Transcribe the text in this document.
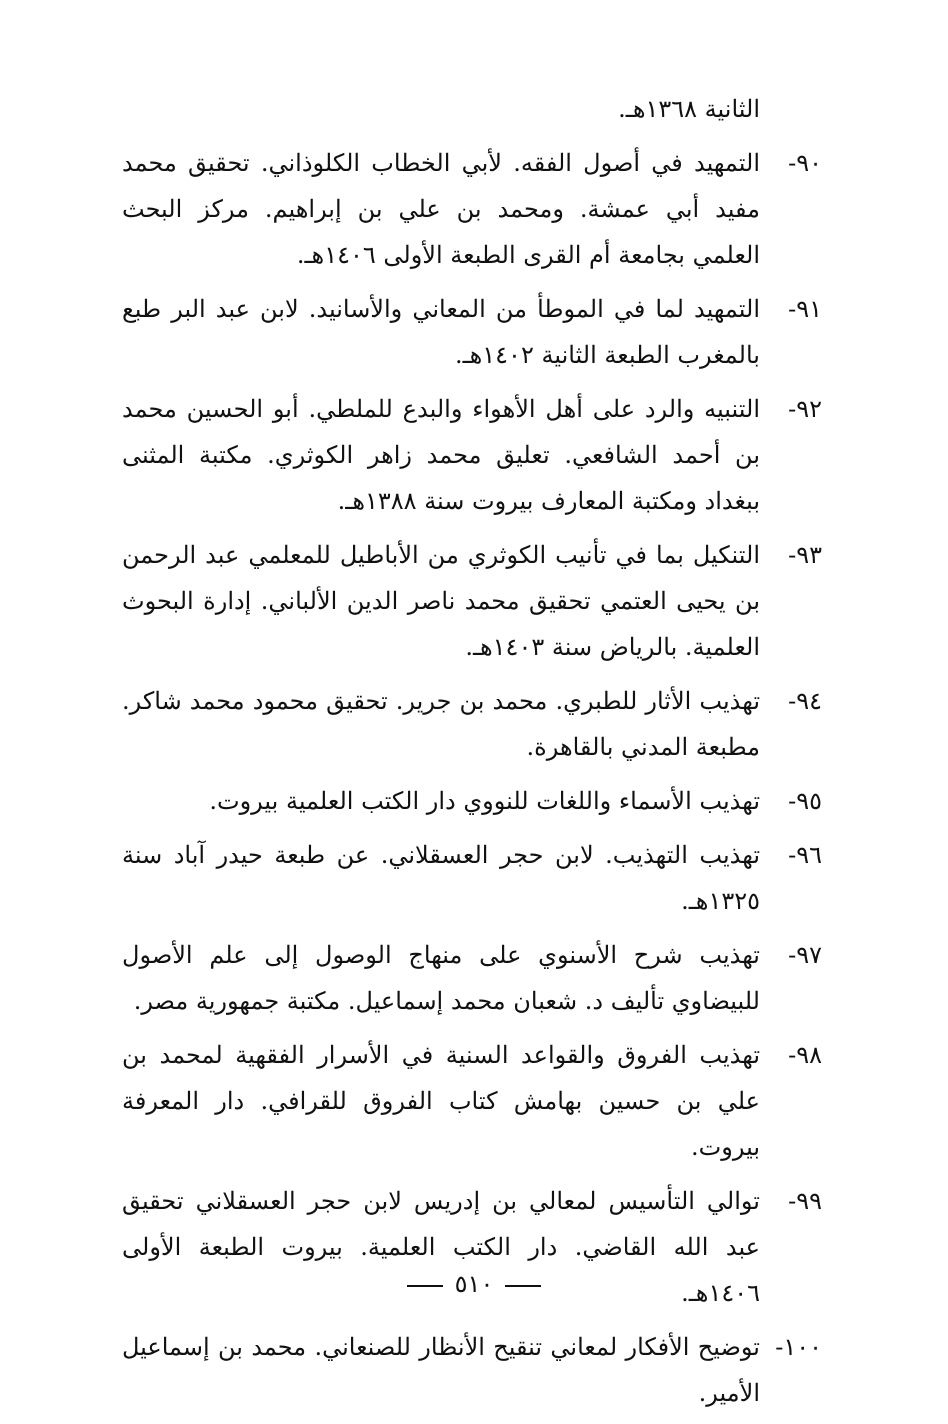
الثانية ١٣٦٨هـ.
٩٠-
التمهيد في أصول الفقه. لأبي الخطاب الكلوذاني. تحقيق محمد مفيد أبي عمشة. ومحمد بن علي بن إبراهيم. مركز البحث العلمي بجامعة أم القرى الطبعة الأولى ١٤٠٦هـ.
٩١-
التمهيد لما في الموطأ من المعاني والأسانيد. لابن عبد البر طبع بالمغرب الطبعة الثانية ١٤٠٢هـ.
٩٢-
التنبيه والرد على أهل الأهواء والبدع للملطي. أبو الحسين محمد بن أحمد الشافعي. تعليق محمد زاهر الكوثري. مكتبة المثنى ببغداد ومكتبة المعارف بيروت سنة ١٣٨٨هـ.
٩٣-
التنكيل بما في تأنيب الكوثري من الأباطيل للمعلمي عبد الرحمن بن يحيى العتمي تحقيق محمد ناصر الدين الألباني. إدارة البحوث العلمية. بالرياض سنة ١٤٠٣هـ.
٩٤-
تهذيب الأثار للطبري. محمد بن جرير. تحقيق محمود محمد شاكر. مطبعة المدني بالقاهرة.
٩٥-
تهذيب الأسماء واللغات للنووي دار الكتب العلمية بيروت.
٩٦-
تهذيب التهذيب. لابن حجر العسقلاني. عن طبعة حيدر آباد سنة ١٣٢٥هـ.
٩٧-
تهذيب شرح الأسنوي على منهاج الوصول إلى علم الأصول للبيضاوي تأليف د. شعبان محمد إسماعيل. مكتبة جمهورية مصر.
٩٨-
تهذيب الفروق والقواعد السنية في الأسرار الفقهية لمحمد بن علي بن حسين بهامش كتاب الفروق للقرافي. دار المعرفة بيروت.
٩٩-
توالي التأسيس لمعالي بن إدريس لابن حجر العسقلاني تحقيق عبد الله القاضي. دار الكتب العلمية. بيروت الطبعة الأولى ١٤٠٦هـ.
١٠٠-
توضيح الأفكار لمعاني تنقيح الأنظار للصنعاني. محمد بن إسماعيل الأمير.
٥١٠
